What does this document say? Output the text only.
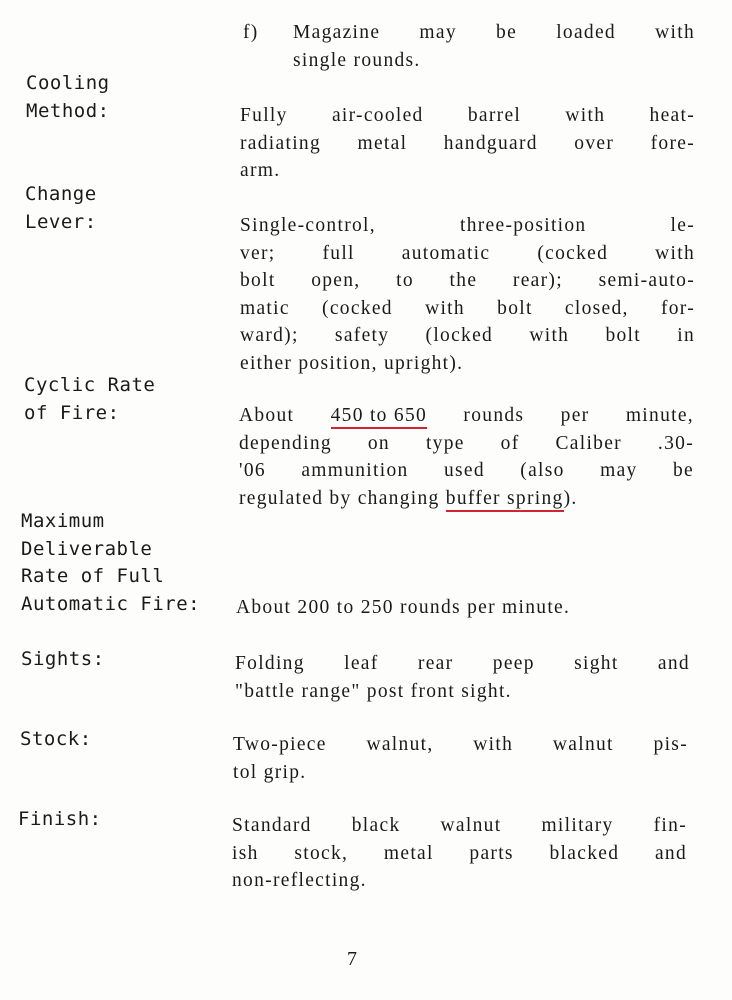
f) Magazine may be loaded with
single rounds.
Cooling
Method:	Fully air-cooled barrel with heat-
radiating metal handguard over fore-
arm.
Change
Lever:	Single-control, three-position le-
ver; full automatic (cocked with
bolt open, to the rear); semi-auto-
matic (cocked with bolt closed, for-
ward); safety (locked with bolt in
either position, upright).
Cyclic Rate
of Fire:	About 450 to 650 rounds per minute,
depending on type of Caliber .30-
'06 ammunition used (also may be
regulated by changing buffer spring).
Maximum
Deliverable
Rate of Full
Automatic Fire: About 200 to 250 rounds per minute.
Sights:	Folding leaf rear peep sight and
"battle range" post front sight.
Stock:	Two-piece walnut, with walnut pis-
tol grip.
Finish:	Standard black walnut military fin-
ish stock, metal parts blacked and
non-reflecting.
7
